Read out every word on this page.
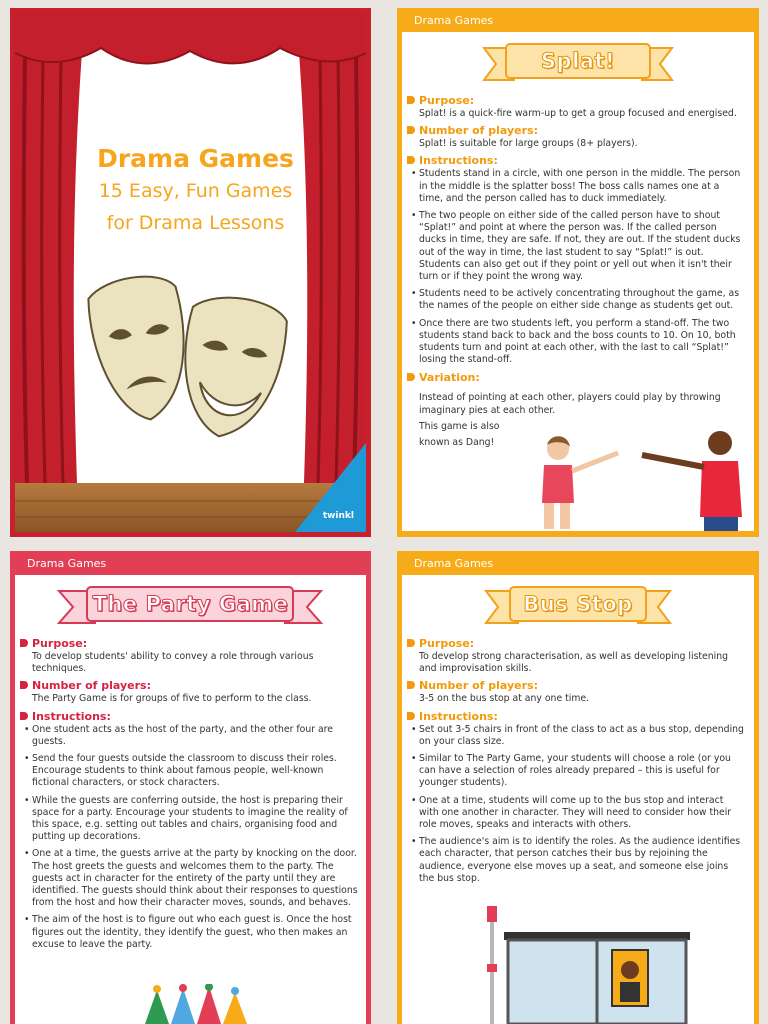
Drama Games
15 Easy, Fun Games
for Drama Lessons
twinkl
Drama Games
Splat!
Purpose:
Splat! is a quick-fire warm-up to get a group focused and energised.
Number of players:
Splat! is suitable for large groups (8+ players).
Instructions:
• Students stand in a circle, with one person in the middle. The person in the middle is the splatter boss! The boss calls names one at a time, and the person called has to duck immediately.
• The two people on either side of the called person have to shout “Splat!” and point at where the person was. If the called person ducks in time, they are safe. If not, they are out. If the student ducks out of the way in time, the last student to say “Splat!” is out. Students can also get out if they point or yell out when it isn't their turn or if they point the wrong way.
• Students need to be actively concentrating throughout the game, as the names of the people on either side change as students get out.
• Once there are two students left, you perform a stand-off. The two students stand back to back and the boss counts to 10. On 10, both students turn and point at each other, with the last to call “Splat!” losing the stand-off.
Variation:
Instead of pointing at each other, players could play by throwing imaginary pies at each other.
This game is also
known as Dang!
Drama Games
The Party Game
Purpose:
To develop students' ability to convey a role through various techniques.
Number of players:
The Party Game is for groups of five to perform to the class.
Instructions:
• One student acts as the host of the party, and the other four are guests.
• Send the four guests outside the classroom to discuss their roles. Encourage students to think about famous people, well-known fictional characters, or stock characters.
• While the guests are conferring outside, the host is preparing their space for a party. Encourage your students to imagine the reality of this space, e.g. setting out tables and chairs, organising food and putting up decorations.
• One at a time, the guests arrive at the party by knocking on the door. The host greets the guests and welcomes them to the party. The guests act in character for the entirety of the party until they are identified. The guests should think about their responses to questions from the host and how their character moves, sounds, and behaves.
• The aim of the host is to figure out who each guest is. Once the host figures out the identity, they identify the guest, who then makes an excuse to leave the party.
Drama Games
Bus Stop
Purpose:
To develop strong characterisation, as well as developing listening and improvisation skills.
Number of players:
3-5 on the bus stop at any one time.
Instructions:
• Set out 3-5 chairs in front of the class to act as a bus stop, depending on your class size.
• Similar to The Party Game, your students will choose a role (or you can have a selection of roles already prepared – this is useful for younger students).
• One at a time, students will come up to the bus stop and interact with one another in character. They will need to consider how their role moves, speaks and interacts with others.
• The audience's aim is to identify the roles. As the audience identifies each character, that person catches their bus by rejoining the audience, everyone else moves up a seat, and someone else joins the bus stop.
